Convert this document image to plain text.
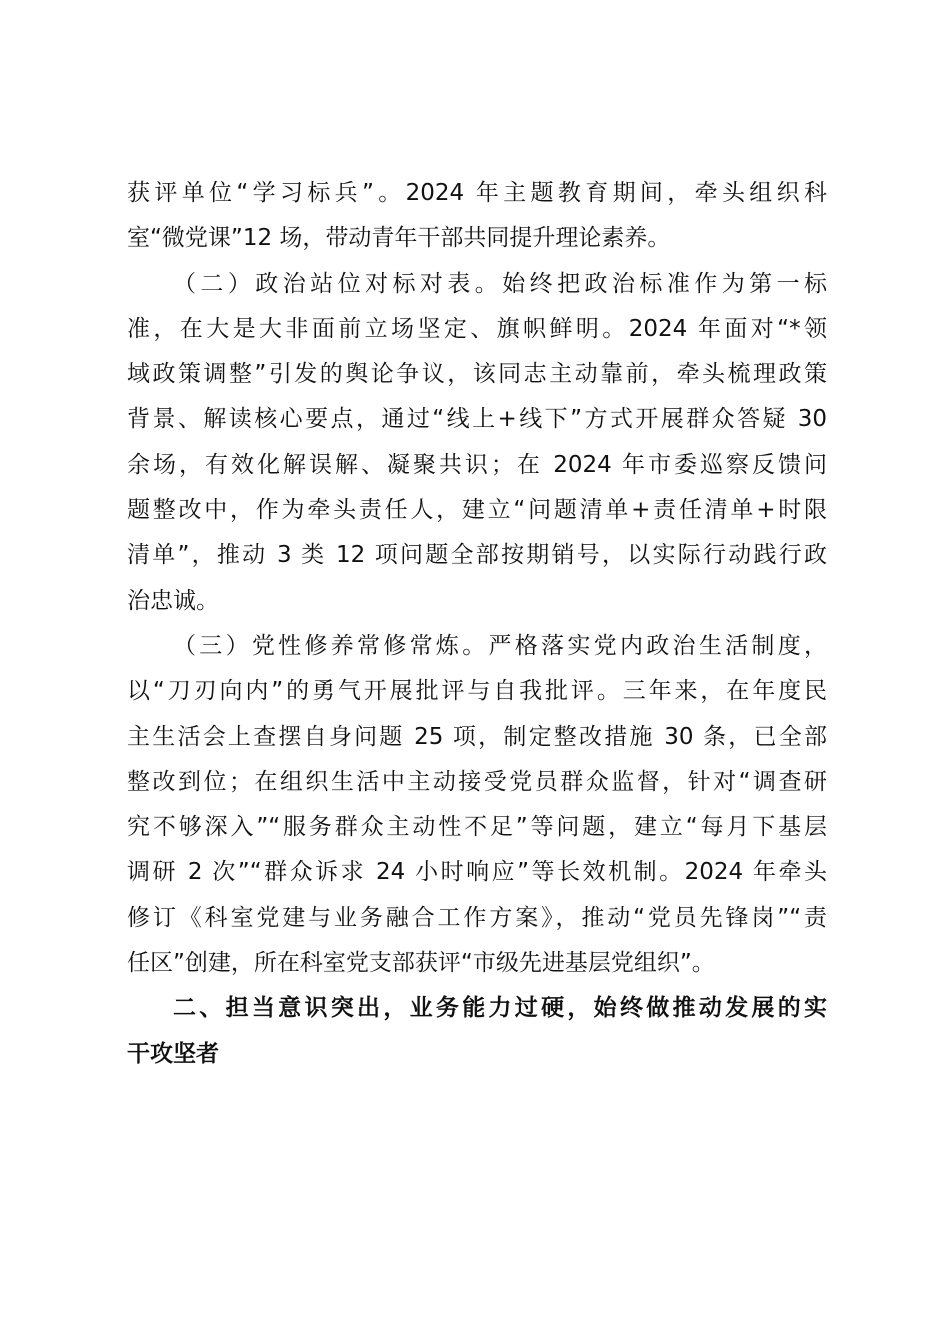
获评单位“学习标兵”。2024 年主题教育期间，牵头组织科
室“微党课”12 场，带动青年干部共同提升理论素养。
（二）政治站位对标对表。始终把政治标准作为第一标
准，在大是大非面前立场坚定、旗帜鲜明。2024 年面对“*领
域政策调整”引发的舆论争议，该同志主动靠前，牵头梳理政策
背景、解读核心要点，通过“线上+线下”方式开展群众答疑 30
余场，有效化解误解、凝聚共识；在 2024 年市委巡察反馈问
题整改中，作为牵头责任人，建立“问题清单+责任清单+时限
清单”，推动 3 类 12 项问题全部按期销号，以实际行动践行政
治忠诚。
（三）党性修养常修常炼。严格落实党内政治生活制度，
以“刀刃向内”的勇气开展批评与自我批评。三年来，在年度民
主生活会上查摆自身问题 25 项，制定整改措施 30 条，已全部
整改到位；在组织生活中主动接受党员群众监督，针对“调查研
究不够深入”“服务群众主动性不足”等问题，建立“每月下基层
调研 2 次”“群众诉求 24 小时响应”等长效机制。2024 年牵头
修订《科室党建与业务融合工作方案》，推动“党员先锋岗”“责
任区”创建，所在科室党支部获评“市级先进基层党组织”。
二、担当意识突出，业务能力过硬，始终做推动发展的实
干攻坚者
